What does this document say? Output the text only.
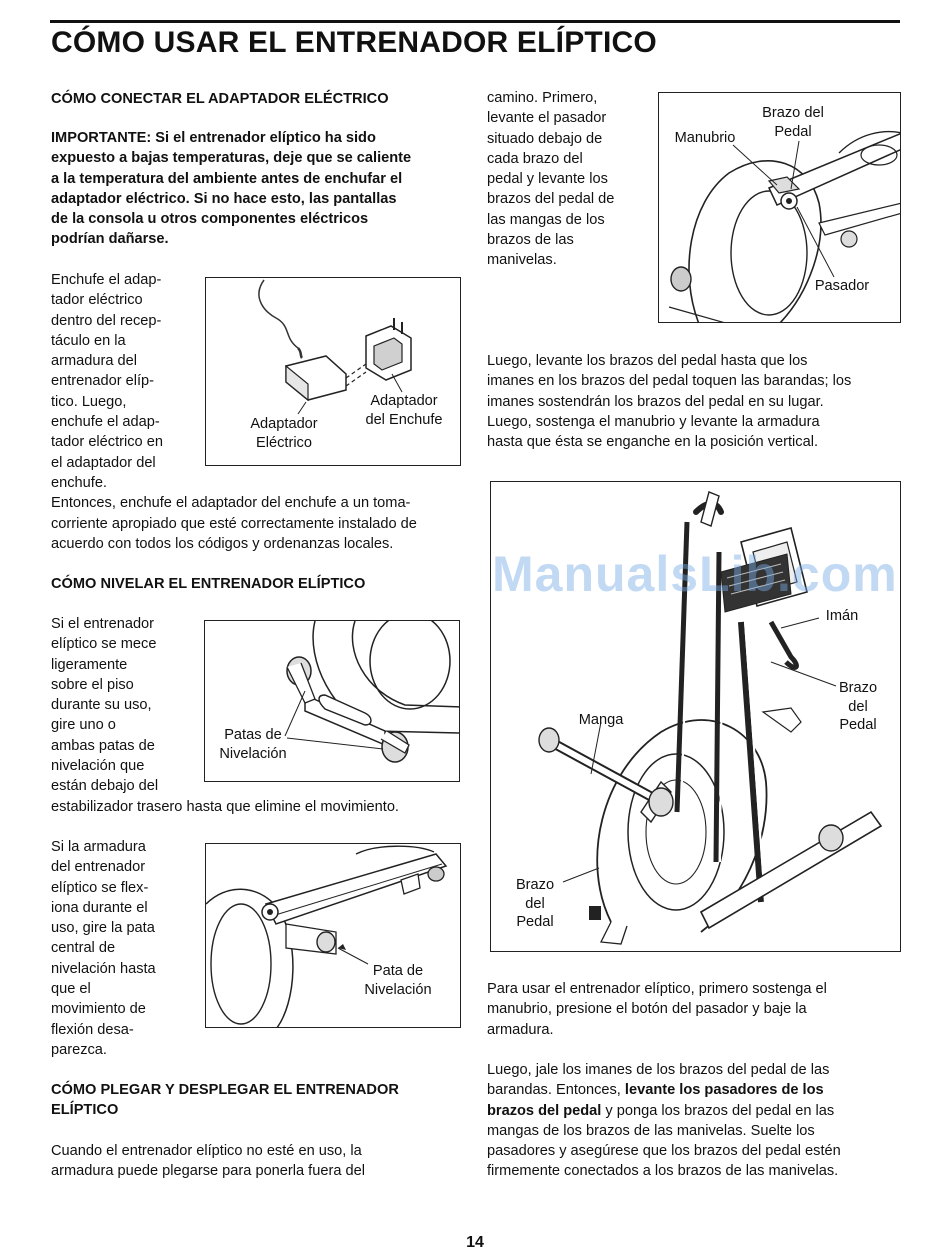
CÓMO USAR EL ENTRENADOR ELÍPTICO
CÓMO CONECTAR EL ADAPTADOR ELÉCTRICO
IMPORTANTE: Si el entrenador elíptico ha sido
expuesto a bajas temperaturas, deje que se caliente
a la temperatura del ambiente antes de enchufar el
adaptador eléctrico. Si no hace esto, las pantallas
de la consola u otros componentes eléctricos
podrían dañarse.
Enchufe el adap-
tador eléctrico
dentro del recep-
táculo en la
armadura del
entrenador elíp-
tico. Luego,
enchufe el adap-
tador eléctrico en
el adaptador del
enchufe.
Entonces, enchufe el adaptador del enchufe a un toma-
corriente apropiado que esté correctamente instalado de
acuerdo con todos los códigos y ordenanzas locales.
Adaptador
Eléctrico
Adaptador
del Enchufe
CÓMO NIVELAR EL ENTRENADOR ELÍPTICO
Si el entrenador
elíptico se mece
ligeramente
sobre el piso
durante su uso,
gire uno o
ambas patas de
nivelación que
están debajo del
estabilizador trasero hasta que elimine el movimiento.
Patas de
Nivelación
Si la armadura
del entrenador
elíptico se flex-
iona durante el
uso, gire la pata
central de
nivelación hasta
que el
movimiento de
flexión desa-
parezca.
Pata de
Nivelación
CÓMO PLEGAR Y DESPLEGAR EL ENTRENADOR
ELÍPTICO
Cuando el entrenador elíptico no esté en uso, la
armadura puede plegarse para ponerla fuera del
camino. Primero,
levante el pasador
situado debajo de
cada brazo del
pedal y levante los
brazos del pedal de
las mangas de los
brazos de las
manivelas.
Manubrio
Brazo del
Pedal
Pasador
Luego, levante los brazos del pedal hasta que los
imanes en los brazos del pedal toquen las barandas; los
imanes sostendrán los brazos del pedal en su lugar.
Luego, sostenga el manubrio y levante la armadura
hasta que ésta se enganche en la posición vertical.
Imán
Brazo
del
Pedal
Manga
Brazo
del
Pedal
Para usar el entrenador elíptico, primero sostenga el
manubrio, presione el botón del pasador y baje la
armadura.
Luego, jale los imanes de los brazos del pedal de las
barandas. Entonces, levante los pasadores de los
brazos del pedal y ponga los brazos del pedal en las
mangas de los brazos de las manivelas. Suelte los
pasadores y asegúrese que los brazos del pedal estén
firmemente conectados a los brazos de las manivelas.
ManualsLib.com
14
